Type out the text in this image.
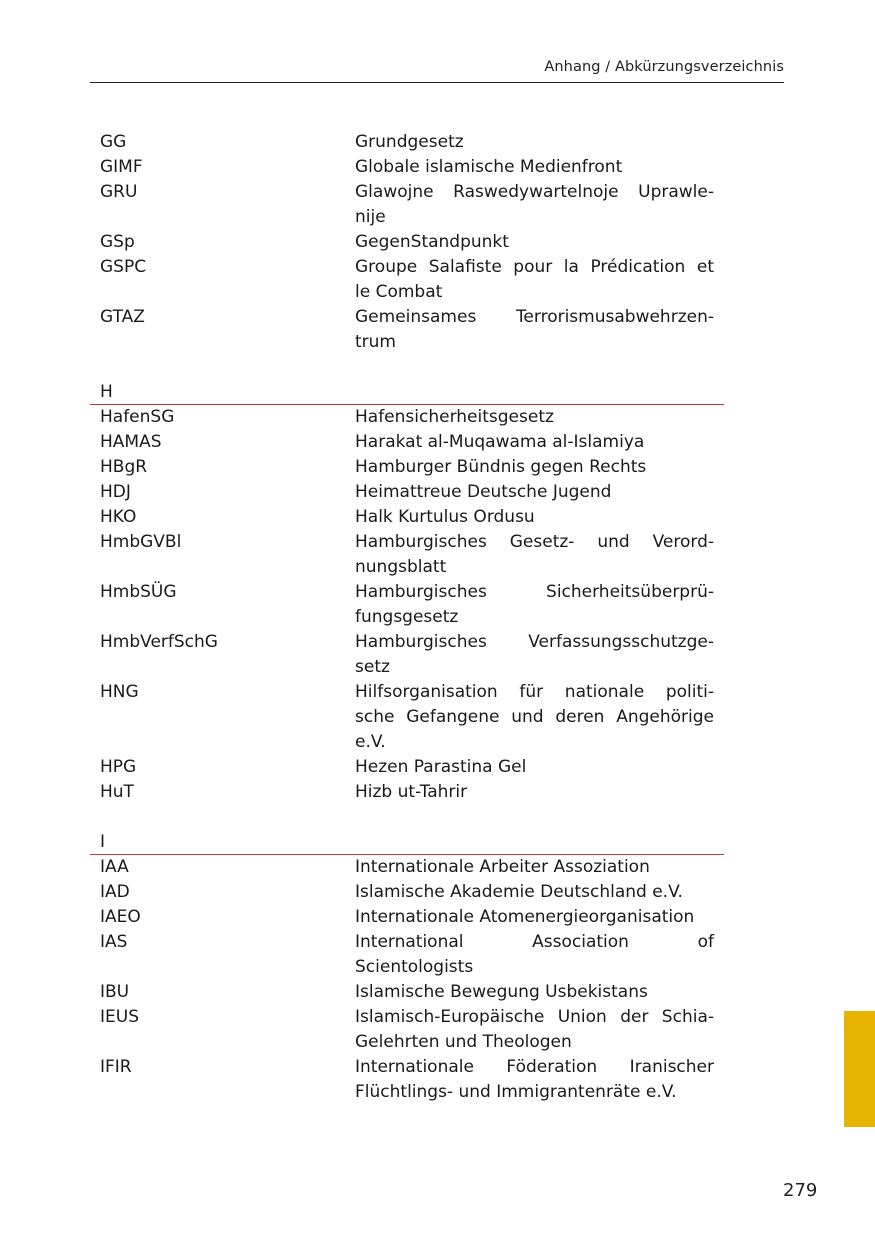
Anhang / Abkürzungsverzeichnis
GG	Grundgesetz
GIMF	Globale islamische Medienfront
GRU	Glawojne Raswedywartelnoje Uprawle-
nije
GSp	GegenStandpunkt
GSPC	Groupe Salafiste pour la Prédication et
le Combat
GTAZ	Gemeinsames Terrorismusabwehrzen-
trum
H
HafenSG	Hafensicherheitsgesetz
HAMAS	Harakat al-Muqawama al-Islamiya
HBgR	Hamburger Bündnis gegen Rechts
HDJ	Heimattreue Deutsche Jugend
HKO	Halk Kurtulus Ordusu
HmbGVBl	Hamburgisches Gesetz- und Verord-
nungsblatt
HmbSÜG	Hamburgisches Sicherheitsüberprü-
fungsgesetz
HmbVerfSchG	Hamburgisches Verfassungsschutzge-
setz
HNG	Hilfsorganisation für nationale politi-
sche Gefangene und deren Angehörige
e.V.
HPG	Hezen Parastina Gel
HuT	Hizb ut-Tahrir
I
IAA	Internationale Arbeiter Assoziation
IAD	Islamische Akademie Deutschland e.V.
IAEO	Internationale Atomenergieorganisation
IAS	International Association of
Scientologists
IBU	Islamische Bewegung Usbekistans
IEUS	Islamisch-Europäische Union der Schia-
Gelehrten und Theologen
IFIR	Internationale Föderation Iranischer
Flüchtlings- und Immigrantenräte e.V.
279
